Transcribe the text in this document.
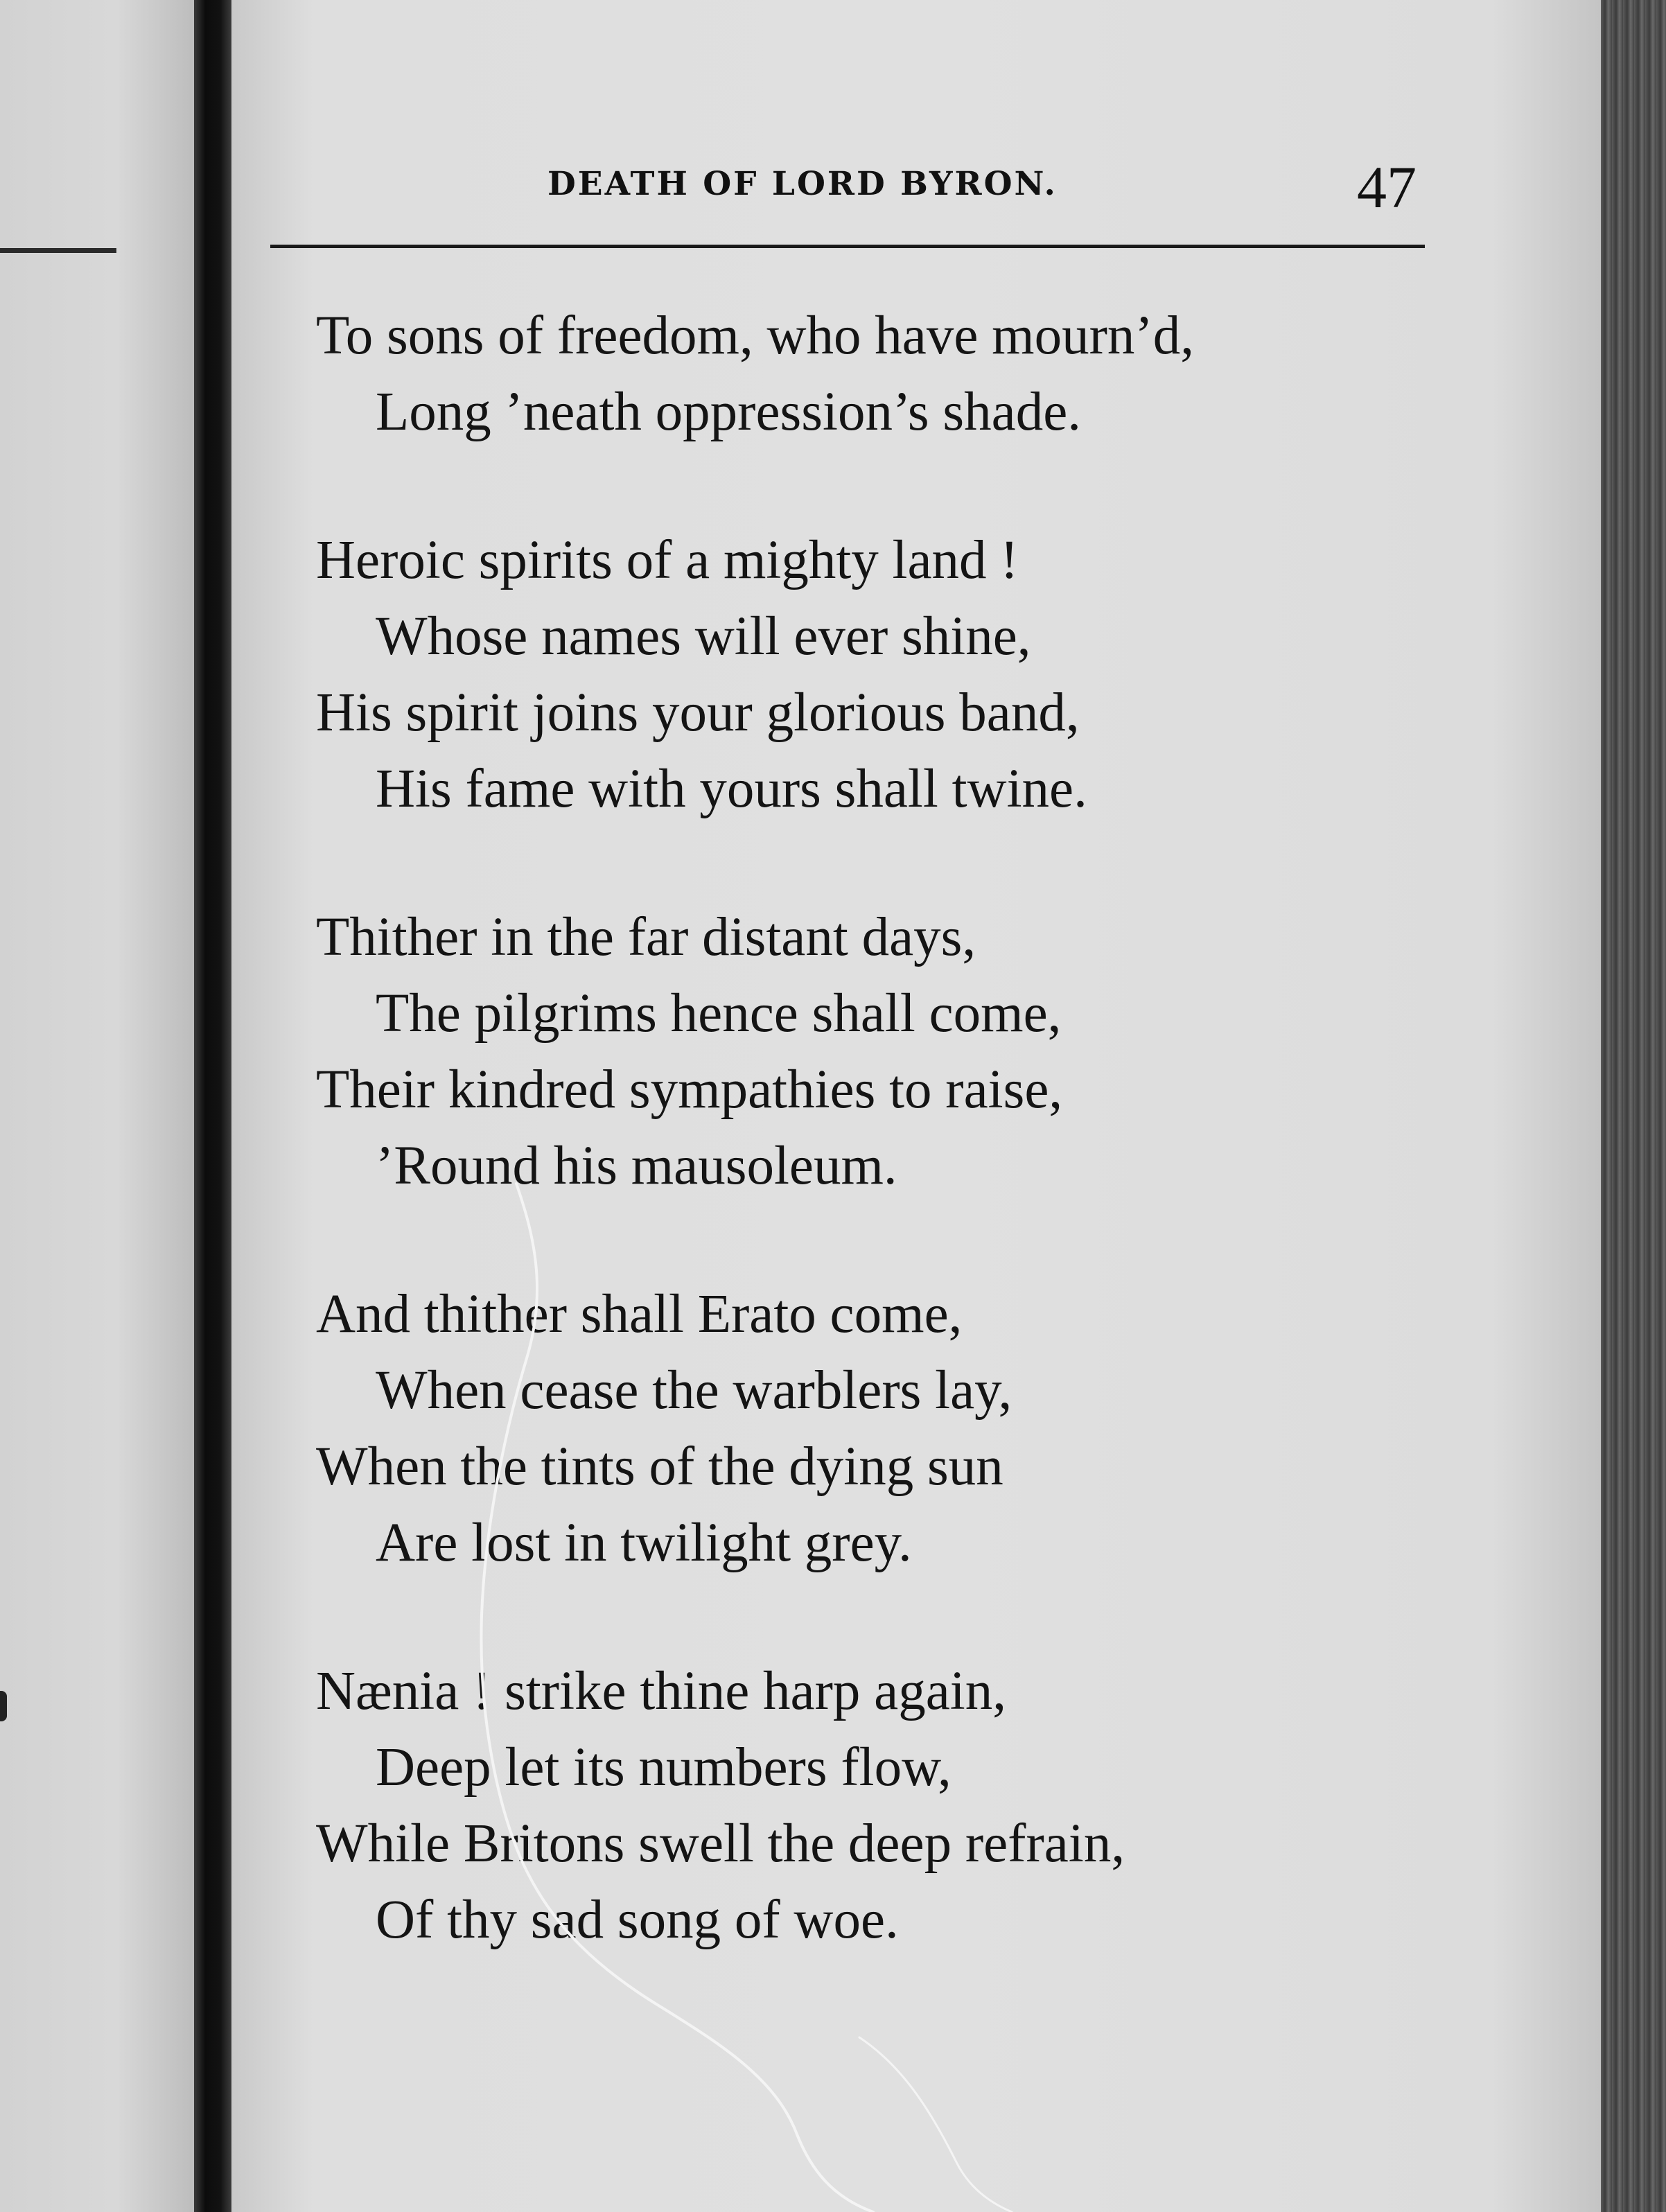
DEATH OF LORD BYRON.	47
To sons of freedom, who have mourn’d,
Long ’neath oppression’s shade.
Heroic spirits of a mighty land !
Whose names will ever shine,
His spirit joins your glorious band,
His fame with yours shall twine.
Thither in the far distant days,
The pilgrims hence shall come,
Their kindred sympathies to raise,
’Round his mausoleum.
And thither shall Erato come,
When cease the warblers lay,
When the tints of the dying sun
Are lost in twilight grey.
Nænia ! strike thine harp again,
Deep let its numbers flow,
While Britons swell the deep refrain,
Of thy sad song of woe.
